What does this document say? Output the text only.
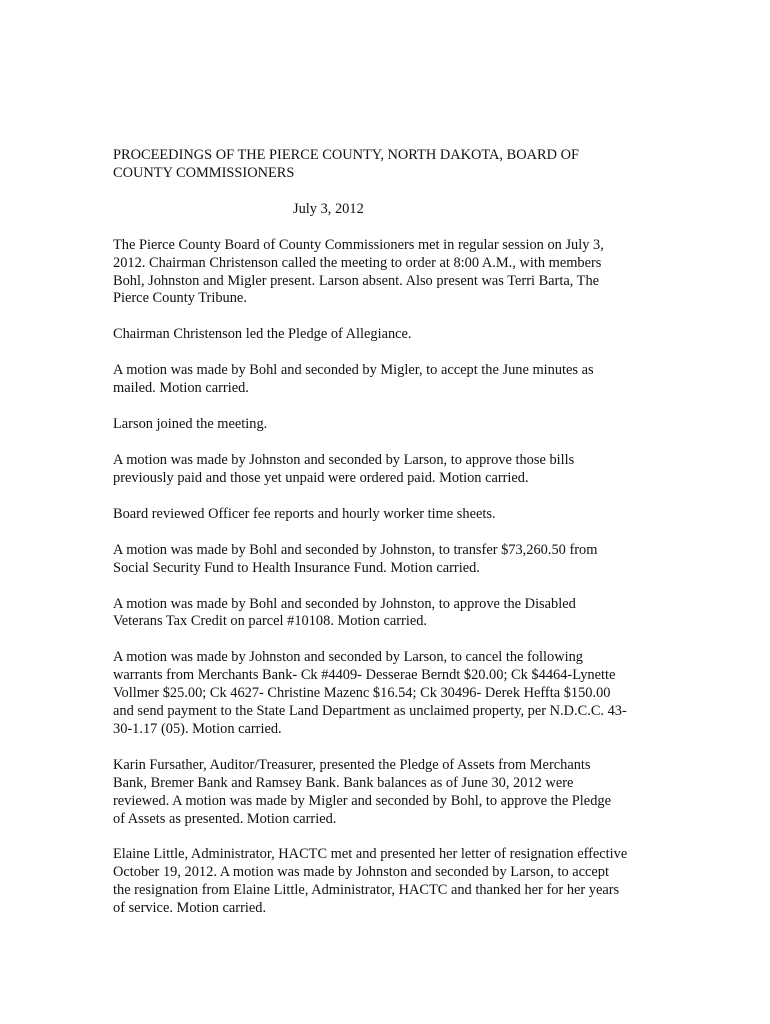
PROCEEDINGS OF THE PIERCE COUNTY, NORTH DAKOTA, BOARD OF
COUNTY COMMISSIONERS
July 3, 2012
The Pierce County Board of County Commissioners met in regular session on July 3,
2012. Chairman Christenson called the meeting to order at 8:00 A.M., with members
Bohl, Johnston and Migler present. Larson absent. Also present was Terri Barta, The
Pierce County Tribune.
Chairman Christenson led the Pledge of Allegiance.
A motion was made by Bohl and seconded by Migler, to accept the June minutes as
mailed. Motion carried.
Larson joined the meeting.
A motion was made by Johnston and seconded by Larson, to approve those bills
previously paid and those yet unpaid were ordered paid. Motion carried.
Board reviewed Officer fee reports and hourly worker time sheets.
A motion was made by Bohl and seconded by Johnston, to transfer $73,260.50 from
Social Security Fund to Health Insurance Fund. Motion carried.
A motion was made by Bohl and seconded by Johnston, to approve the Disabled
Veterans Tax Credit on parcel #10108. Motion carried.
A motion was made by Johnston and seconded by Larson, to cancel the following
warrants from Merchants Bank- Ck #4409- Desserae Berndt $20.00; Ck $4464-Lynette
Vollmer $25.00; Ck 4627- Christine Mazenc $16.54; Ck 30496- Derek Heffta $150.00
and send payment to the State Land Department as unclaimed property, per N.D.C.C. 43-
30-1.17 (05). Motion carried.
Karin Fursather, Auditor/Treasurer, presented the Pledge of Assets from Merchants
Bank, Bremer Bank and Ramsey Bank. Bank balances as of June 30, 2012 were
reviewed. A motion was made by Migler and seconded by Bohl, to approve the Pledge
of Assets as presented. Motion carried.
Elaine Little, Administrator, HACTC met and presented her letter of resignation effective
October 19, 2012. A motion was made by Johnston and seconded by Larson, to accept
the resignation from Elaine Little, Administrator, HACTC and thanked her for her years
of service. Motion carried.
